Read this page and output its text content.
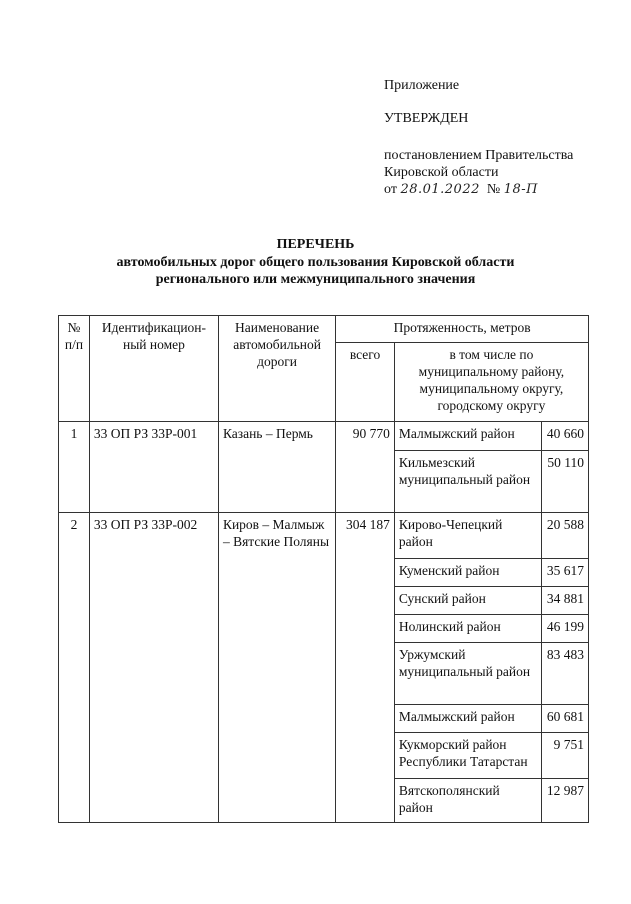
Приложение
УТВЕРЖДЕН
постановлением Правительства
Кировской области
от 28.01.2022 № 18-П
ПЕРЕЧЕНЬ
автомобильных дорог общего пользования Кировской области
регионального или межмуниципального значения
№ п/п	Идентификацион-ный номер	Наименование автомобильной дороги	Протяженность, метров		
			всего	в том числе по муниципальному району, муниципальному округу, городскому округу	
1	33 ОП РЗ 33Р-001	Казань – Пермь	90 770	Малмыжский район	40 660
				Кильмезский муниципальный район	50 110
2	33 ОП РЗ 33Р-002	Киров – Малмыж – Вятские Поляны	304 187	Кирово-Чепецкий район	20 588
				Куменский район	35 617
				Сунский район	34 881
				Нолинский район	46 199
				Уржумский муниципальный район	83 483
				Малмыжский район	60 681
				Кукморский район Республики Татарстан	9 751
				Вятскополянский район	12 987
